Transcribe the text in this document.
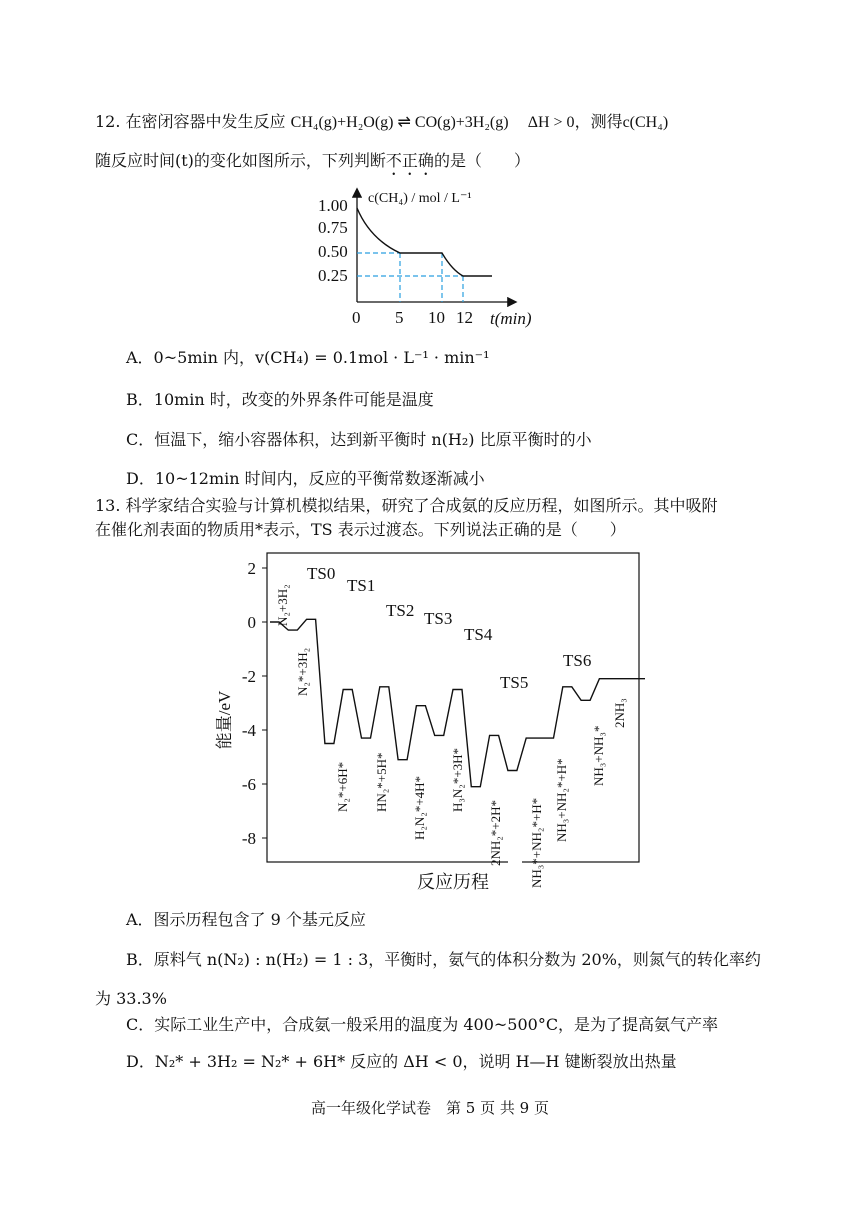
12. 在密闭容器中发生反应 CH₄(g)+H₂O(g) ⇌ CO(g)+3H₂(g) ΔH > 0，测得c(CH₄)
随反应时间(t)的变化如图所示，下列判断不正确的是（　　）
1.00
0.75
0.50
0.25
0 5 10 12 t(min)
c(CH₄) / mol / L⁻¹
A．0~5min 内，v(CH₄) = 0.1mol · L⁻¹ · min⁻¹
B．10min 时，改变的外界条件可能是温度
C．恒温下，缩小容器体积，达到新平衡时 n(H₂) 比原平衡时的小
D．10~12min 时间内，反应的平衡常数逐渐减小
13. 科学家结合实验与计算机模拟结果，研究了合成氨的反应历程，如图所示。其中吸附
在催化剂表面的物质用*表示，TS 表示过渡态。下列说法正确的是（　　）
2
0
-2
-4
-6
-8
能量/eV
TS0
TS1
TS2 TS3
TS4
TS5
TS6
N₂+3H₂
N₂*+3H₂
N₂*+6H* HN₂*+5H* H₂N₂*+4H* H₃N₂*+3H*
2NH₂*+2H* NH₃*+NH₂*+H* NH₃+NH₂*+H*
NH₃+NH₃*
2NH₃
反应历程
A．图示历程包含了 9 个基元反应
B．原料气 n(N₂) : n(H₂) = 1 : 3，平衡时，氨气的体积分数为 20%，则氮气的转化率约
为 33.3%
C．实际工业生产中，合成氨一般采用的温度为 400~500°C，是为了提高氨气产率
D．N₂* + 3H₂ = N₂* + 6H* 反应的 ΔH < 0，说明 H—H 键断裂放出热量
高一年级化学试卷　第 5 页 共 9 页
